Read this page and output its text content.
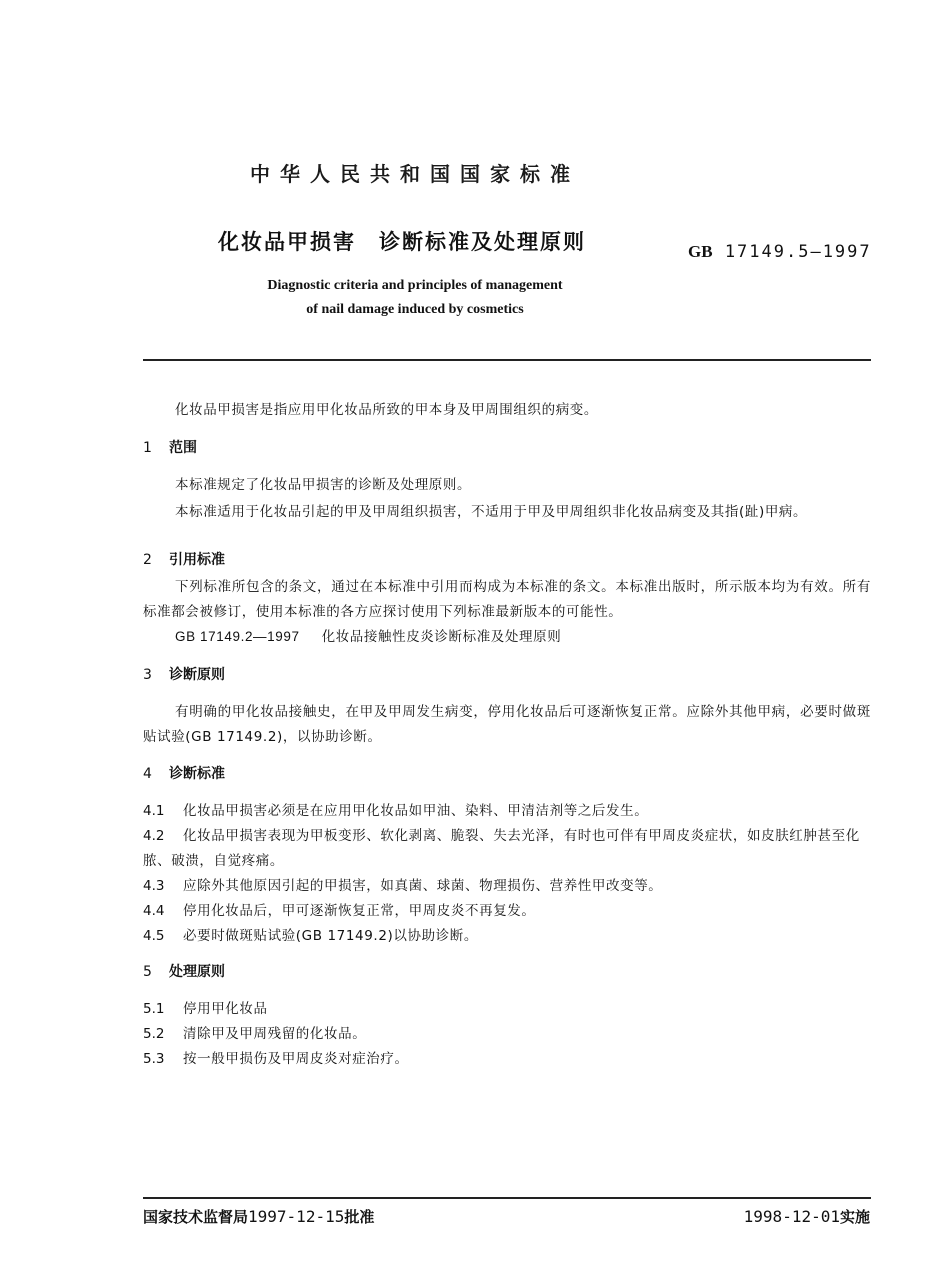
中华人民共和国国家标准
化妆品甲损害　诊断标准及处理原则	GB 17149.5—1997
Diagnostic criteria and principles of management
of nail damage induced by cosmetics
化妆品甲损害是指应用甲化妆品所致的甲本身及甲周围组织的病变。
1 范围
本标准规定了化妆品甲损害的诊断及处理原则。
本标准适用于化妆品引起的甲及甲周组织损害，不适用于甲及甲周组织非化妆品病变及其指(趾)甲病。
2 引用标准
下列标准所包含的条文，通过在本标准中引用而构成为本标准的条文。本标准出版时，所示版本均为有效。所有标准都会被修订，使用本标准的各方应探讨使用下列标准最新版本的可能性。
GB 17149.2—1997 化妆品接触性皮炎诊断标准及处理原则
3 诊断原则
有明确的甲化妆品接触史，在甲及甲周发生病变，停用化妆品后可逐渐恢复正常。应除外其他甲病，必要时做斑贴试验(GB 17149.2)，以协助诊断。
4 诊断标准
4.1 化妆品甲损害必须是在应用甲化妆品如甲油、染料、甲清洁剂等之后发生。
4.2 化妆品甲损害表现为甲板变形、软化剥离、脆裂、失去光泽，有时也可伴有甲周皮炎症状，如皮肤红肿甚至化脓、破溃，自觉疼痛。
4.3 应除外其他原因引起的甲损害，如真菌、球菌、物理损伤、营养性甲改变等。
4.4 停用化妆品后，甲可逐渐恢复正常，甲周皮炎不再复发。
4.5 必要时做斑贴试验(GB 17149.2)以协助诊断。
5 处理原则
5.1 停用甲化妆品
5.2 清除甲及甲周残留的化妆品。
5.3 按一般甲损伤及甲周皮炎对症治疗。
国家技术监督局1997-12-15批准	1998-12-01实施
